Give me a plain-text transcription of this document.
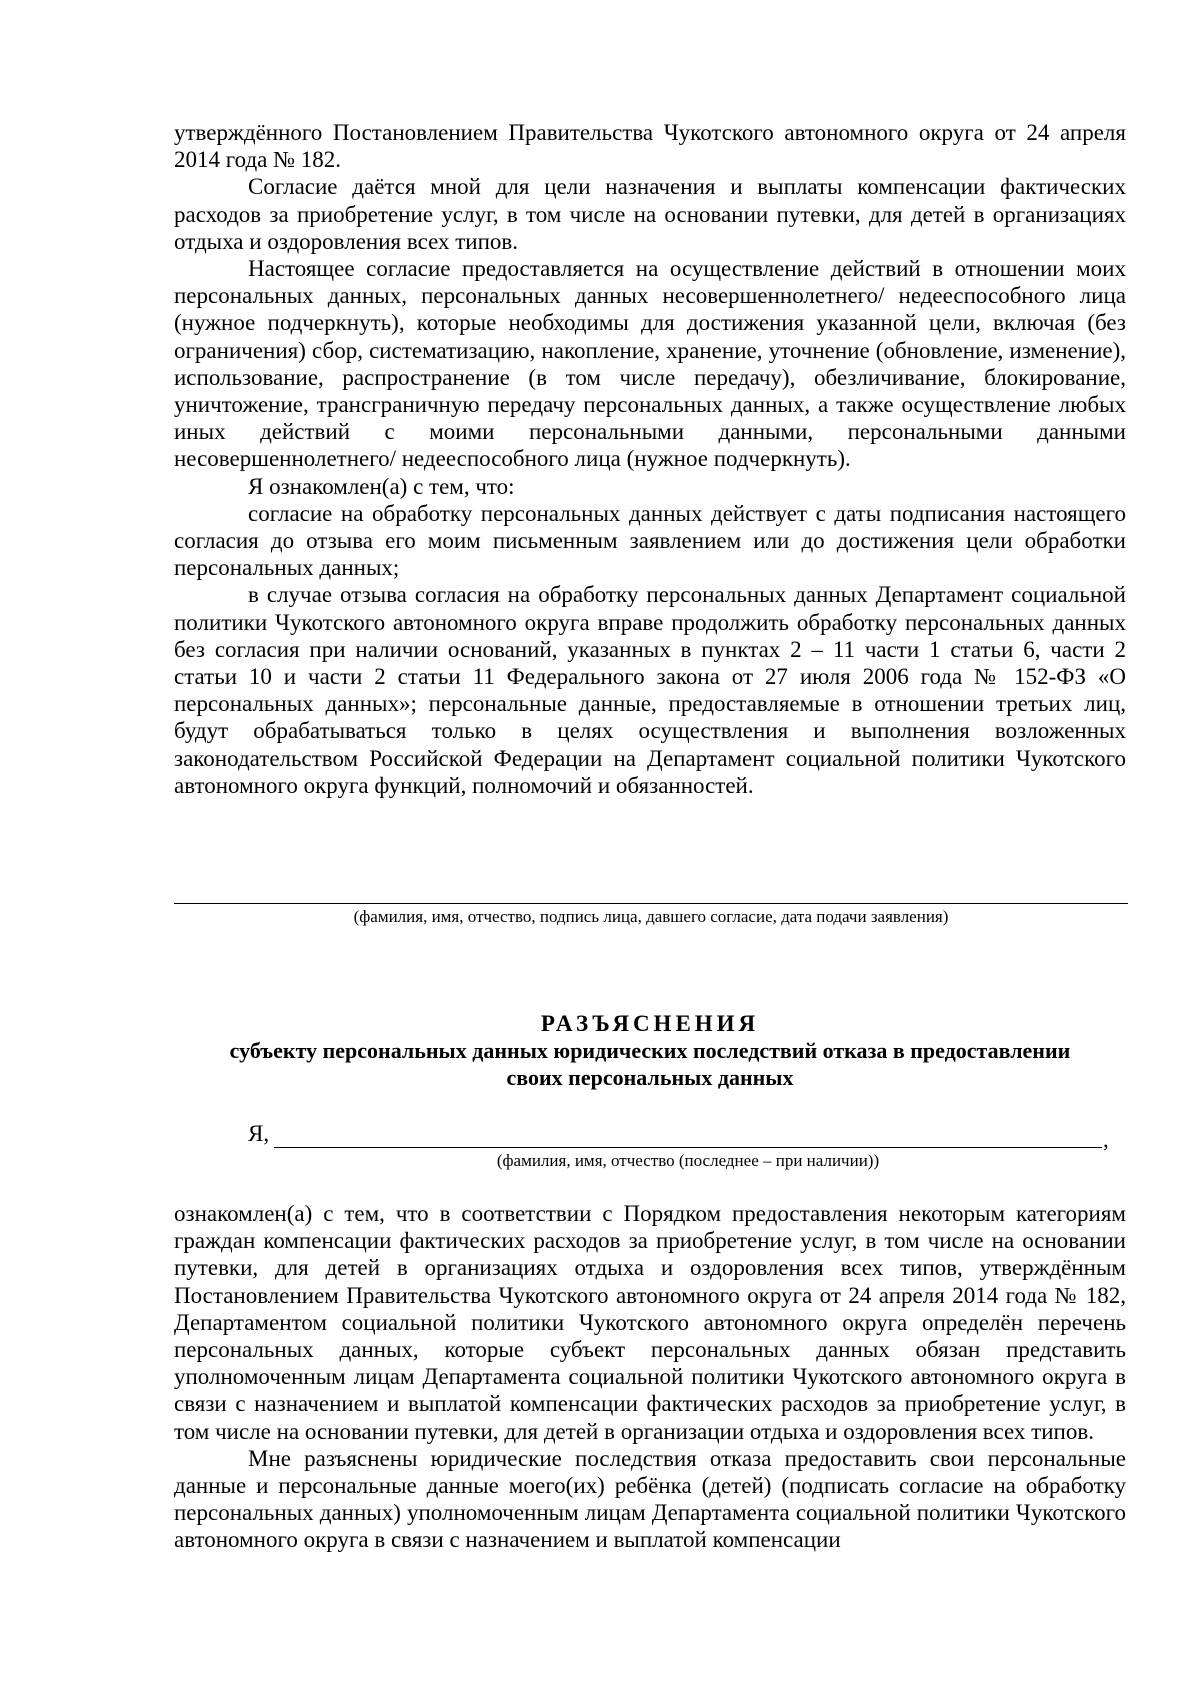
утверждённого Постановлением Правительства Чукотского автономного округа от 24 апреля 2014 года № 182.

Согласие даётся мной для цели назначения и выплаты компенсации фактических расходов за приобретение услуг, в том числе на основании путевки, для детей в организациях отдыха и оздоровления всех типов.

Настоящее согласие предоставляется на осуществление действий в отношении моих персональных данных, персональных данных несовершеннолетнего/ недееспособного лица (нужное подчеркнуть), которые необходимы для достижения указанной цели, включая (без ограничения) сбор, систематизацию, накопление, хранение, уточнение (обновление, изменение), использование, распространение (в том числе передачу), обезличивание, блокирование, уничтожение, трансграничную передачу персональных данных, а также осуществление любых иных действий с моими персональными данными, персональными данными несовершеннолетнего/ недееспособного лица (нужное подчеркнуть).

Я ознакомлен(а) с тем, что:

согласие на обработку персональных данных действует с даты подписания настоящего согласия до отзыва его моим письменным заявлением или до достижения цели обработки персональных данных;

в случае отзыва согласия на обработку персональных данных Департамент социальной политики Чукотского автономного округа вправе продолжить обработку персональных данных без согласия при наличии оснований, указанных в пунктах 2 – 11 части 1 статьи 6, части 2 статьи 10 и части 2 статьи 11 Федерального закона от 27 июля 2006 года № 152-ФЗ «О персональных данных»; персональные данные, предоставляемые в отношении третьих лиц, будут обрабатываться только в целях осуществления и выполнения возложенных законодательством Российской Федерации на Департамент социальной политики Чукотского автономного округа функций, полномочий и обязанностей.

(фамилия, имя, отчество, подпись лица, давшего согласие, дата подачи заявления)
РАЗЪЯСНЕНИЯ
субъекту персональных данных юридических последствий отказа в предоставлении
своих персональных данных
Я,	,
(фамилия, имя, отчество (последнее – при наличии))

ознакомлен(а) с тем, что в соответствии с Порядком предоставления некоторым категориям граждан компенсации фактических расходов за приобретение услуг, в том числе на основании путевки, для детей в организациях отдыха и оздоровления всех типов, утверждённым Постановлением Правительства Чукотского автономного округа от 24 апреля 2014 года № 182, Департаментом социальной политики Чукотского автономного округа определён перечень персональных данных, которые субъект персональных данных обязан представить уполномоченным лицам Департамента социальной политики Чукотского автономного округа в связи с назначением и выплатой компенсации фактических расходов за приобретение услуг, в том числе на основании путевки, для детей в организации отдыха и оздоровления всех типов.

Мне разъяснены юридические последствия отказа предоставить свои персональные данные и персональные данные моего(их) ребёнка (детей) (подписать согласие на обработку персональных данных) уполномоченным лицам Департамента социальной политики Чукотского автономного округа в связи с назначением и выплатой компенсации
